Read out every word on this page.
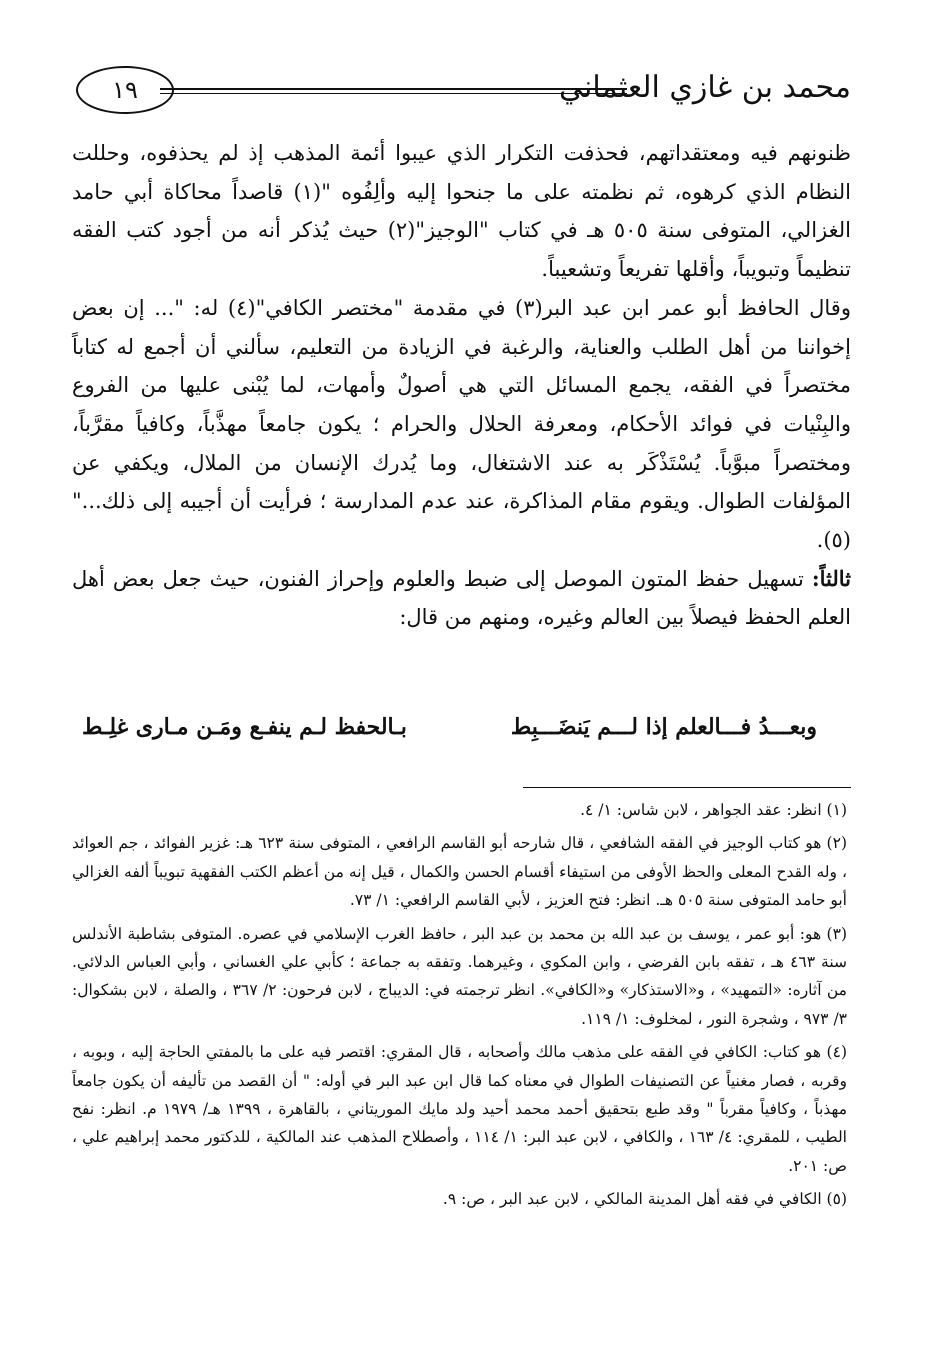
محمد بن غازي العثماني
١٩

ظنونهم فيه ومعتقداتهم، فحذفت التكرار الذي عيبوا أئمة المذهب إذ لم يحذفوه، وحللت النظام الذي كرهوه، ثم نظمته على ما جنحوا إليه وألِفُوه "(١) قاصداً محاكاة أبي حامد الغزالي، المتوفى سنة ٥٠٥ هـ في كتاب "الوجيز"(٢) حيث يُذكر أنه من أجود كتب الفقه تنظيماً وتبويباً، وأقلها تفريعاً وتشعيباً.

وقال الحافظ أبو عمر ابن عبد البر(٣) في مقدمة "مختصر الكافي"(٤) له: "... إن بعض إخواننا من أهل الطلب والعناية، والرغبة في الزيادة من التعليم، سألني أن أجمع له كتاباً مختصراً في الفقه، يجمع المسائل التي هي أصولٌ وأمهات، لما يُبْنى عليها من الفروع والبِنْيات في فوائد الأحكام، ومعرفة الحلال والحرام ؛ يكون جامعاً مهذَّباً، وكافياً مقرَّباً، ومختصراً مبوَّباً. يُسْتَذْكَر به عند الاشتغال، وما يُدرك الإنسان من الملال، ويكفي عن المؤلفات الطوال. ويقوم مقام المذاكرة، عند عدم المدارسة ؛ فرأيت أن أجيبه إلى ذلك..."(٥).

ثالثاً: تسهيل حفظ المتون الموصل إلى ضبط والعلوم وإحراز الفنون، حيث جعل بعض أهل العلم الحفظ فيصلاً بين العالم وغيره، ومنهم من قال:

وبعـــدُ فـــالعلم إذا لـــم يَنضَـــبِط
بـالحفظ لـم ينفـع ومَـن مـارى غلِـط

(١) انظر: عقد الجواهر ، لابن شاس: ١/ ٤.

(٢) هو كتاب الوجيز في الفقه الشافعي ، قال شارحه أبو القاسم الرافعي ، المتوفى سنة ٦٢٣ هـ: غزير الفوائد ، جم العوائد ، وله القدح المعلى والحظ الأوفى من استيفاء أقسام الحسن والكمال ، قيل إنه من أعظم الكتب الفقهية تبويباً ألفه الغزالي أبو حامد المتوفى سنة ٥٠٥ هـ. انظر: فتح العزيز ، لأبي القاسم الرافعي: ١/ ٧٣.

(٣) هو: أبو عمر ، يوسف بن عبد الله بن محمد بن عبد البر ، حافظ الغرب الإسلامي في عصره. المتوفى بشاطبة الأندلس سنة ٤٦٣ هـ ، تفقه بابن الفرضي ، وابن المكوي ، وغيرهما. وتفقه به جماعة ؛ كأبي علي الغساني ، وأبي العباس الدلائي. من آثاره: «التمهيد» ، و«الاستذكار» و«الكافي». انظر ترجمته في: الديباج ، لابن فرحون: ٢/ ٣٦٧ ، والصلة ، لابن بشكوال: ٣/ ٩٧٣ ، وشجرة النور ، لمخلوف: ١/ ١١٩.

(٤) هو كتاب: الكافي في الفقه على مذهب مالك وأصحابه ، قال المقري: اقتصر فيه على ما بالمفتي الحاجة إليه ، وبوبه ، وقربه ، فصار مغنياً عن التصنيفات الطوال في معناه كما قال ابن عبد البر في أوله: " أن القصد من تأليفه أن يكون جامعاً مهذباً ، وكافياً مقرباً " وقد طبع بتحقيق أحمد محمد أحيد ولد مايك الموريتاني ، بالقاهرة ، ١٣٩٩ هـ/ ١٩٧٩ م. انظر: نفح الطيب ، للمقري: ٤/ ١٦٣ ، والكافي ، لابن عبد البر: ١/ ١١٤ ، وأصطلاح المذهب عند المالكية ، للدكتور محمد إبراهيم علي ، ص: ٢٠١.

(٥) الكافي في فقه أهل المدينة المالكي ، لابن عبد البر ، ص: ٩.
